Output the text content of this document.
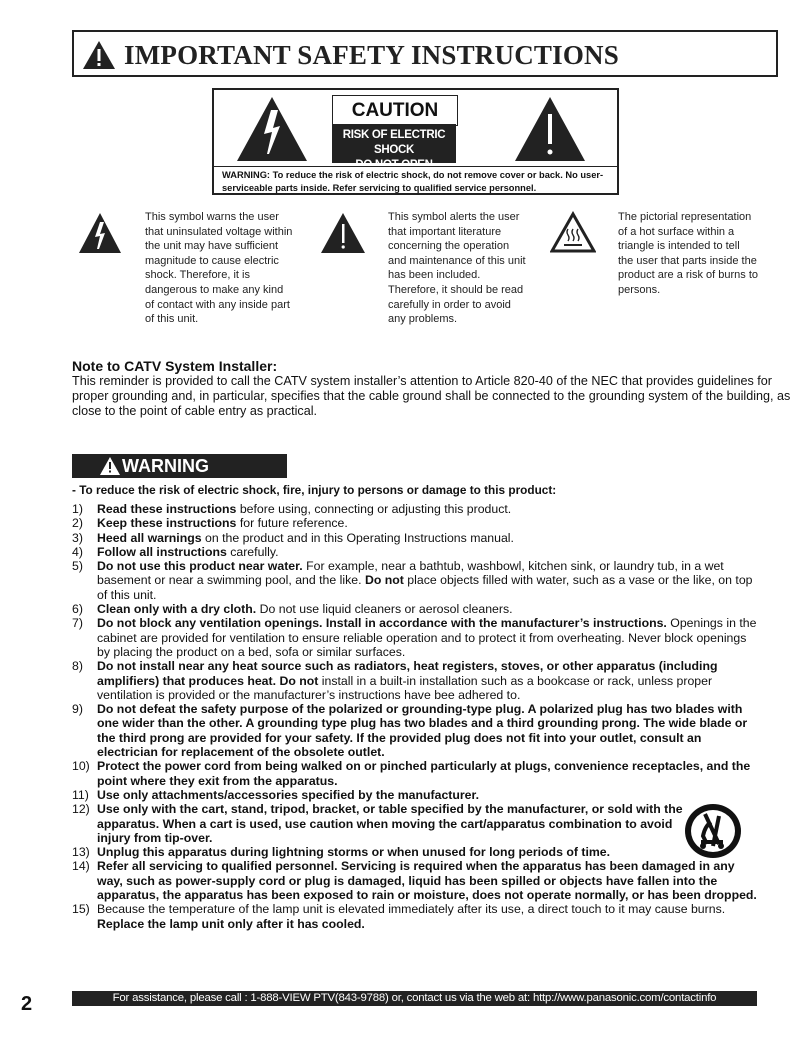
IMPORTANT SAFETY INSTRUCTIONS
CAUTION
RISK OF ELECTRIC SHOCK
DO NOT OPEN
WARNING: To reduce the risk of electric shock, do not remove cover or back. No user-serviceable parts inside. Refer servicing to qualified service personnel.
This symbol warns the user that uninsulated voltage within the unit may have sufficient magnitude to cause electric shock. Therefore, it is dangerous to make any kind of contact with any inside part of this unit.
This symbol alerts the user that important literature concerning the operation and maintenance of this unit has been included. Therefore, it should be read carefully in order to avoid any problems.
The pictorial representation of a hot surface within a triangle is intended to tell the user that parts inside the product are a risk of burns to persons.
Note to CATV System Installer:
This reminder is provided to call the CATV system installer’s attention to Article 820-40 of the NEC that provides guidelines for proper grounding and, in particular, specifies that the cable ground shall be connected to the grounding system of the building, as close to the point of cable entry as practical.
WARNING
- To reduce the risk of electric shock, fire, injury to persons or damage to this product:
1) Read these instructions before using, connecting or adjusting this product.
2) Keep these instructions for future reference.
3) Heed all warnings on the product and in this Operating Instructions manual.
4) Follow all instructions carefully.
5) Do not use this product near water. For example, near a bathtub, washbowl, kitchen sink, or laundry tub, in a wet basement or near a swimming pool, and the like. Do not place objects filled with water, such as a vase or the like, on top of this unit.
6) Clean only with a dry cloth. Do not use liquid cleaners or aerosol cleaners.
7) Do not block any ventilation openings. Install in accordance with the manufacturer’s instructions. Openings in the cabinet are provided for ventilation to ensure reliable operation and to protect it from overheating. Never block openings by placing the product on a bed, sofa or similar surfaces.
8) Do not install near any heat source such as radiators, heat registers, stoves, or other apparatus (including amplifiers) that produces heat. Do not install in a built-in installation such as a bookcase or rack, unless proper ventilation is provided or the manufacturer’s instructions have bee adhered to.
9) Do not defeat the safety purpose of the polarized or grounding-type plug. A polarized plug has two blades with one wider than the other. A grounding type plug has two blades and a third grounding prong. The wide blade or the third prong are provided for your safety. If the provided plug does not fit into your outlet, consult an electrician for replacement of the obsolete outlet.
10) Protect the power cord from being walked on or pinched particularly at plugs, convenience receptacles, and the point where they exit from the apparatus.
11) Use only attachments/accessories specified by the manufacturer.
12) Use only with the cart, stand, tripod, bracket, or table specified by the manufacturer, or sold with the apparatus. When a cart is used, use caution when moving the cart/apparatus combination to avoid injury from tip-over.
13) Unplug this apparatus during lightning storms or when unused for long periods of time.
14) Refer all servicing to qualified personnel. Servicing is required when the apparatus has been damaged in any way, such as power-supply cord or plug is damaged, liquid has been spilled or objects have fallen into the apparatus, the apparatus has been exposed to rain or moisture, does not operate normally, or has been dropped.
15) Because the temperature of the lamp unit is elevated immediately after its use, a direct touch to it may cause burns. Replace the lamp unit only after it has cooled.
For assistance, please call : 1-888-VIEW PTV(843-9788) or, contact us via the web at: http://www.panasonic.com/contactinfo
2
